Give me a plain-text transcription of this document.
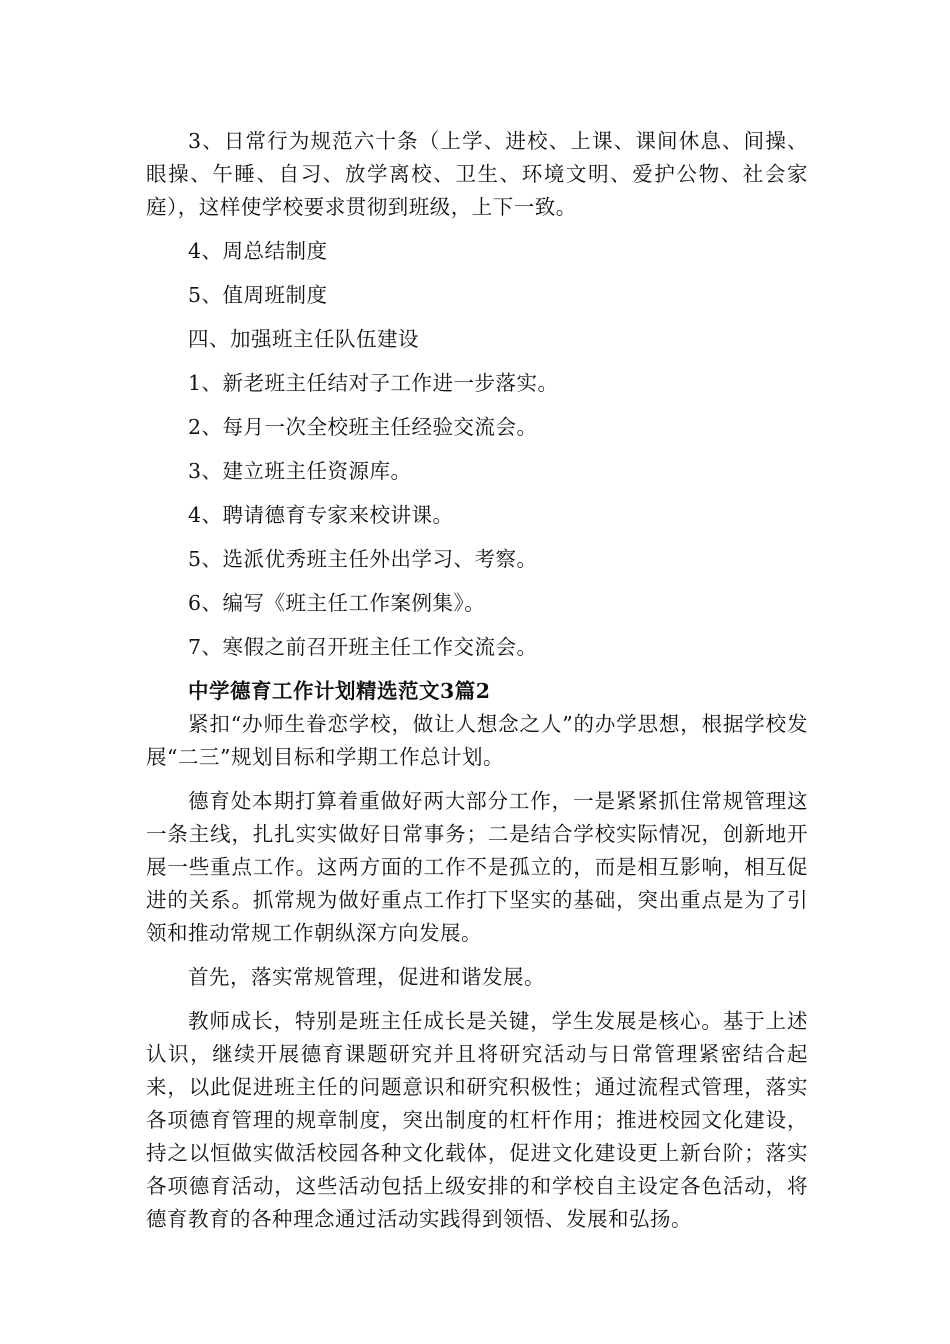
3、日常行为规范六十条（上学、进校、上课、课间休息、间操、眼操、午睡、自习、放学离校、卫生、环境文明、爱护公物、社会家庭），这样使学校要求贯彻到班级，上下一致。

4、周总结制度

5、值周班制度

四、加强班主任队伍建设

1、新老班主任结对子工作进一步落实。

2、每月一次全校班主任经验交流会。

3、建立班主任资源库。

4、聘请德育专家来校讲课。

5、选派优秀班主任外出学习、考察。

6、编写《班主任工作案例集》。

7、寒假之前召开班主任工作交流会。

中学德育工作计划精选范文3篇2

紧扣“办师生眷恋学校，做让人想念之人”的办学思想，根据学校发展“二三”规划目标和学期工作总计划。

德育处本期打算着重做好两大部分工作，一是紧紧抓住常规管理这一条主线，扎扎实实做好日常事务；二是结合学校实际情况，创新地开展一些重点工作。这两方面的工作不是孤立的，而是相互影响，相互促进的关系。抓常规为做好重点工作打下坚实的基础，突出重点是为了引领和推动常规工作朝纵深方向发展。

首先，落实常规管理，促进和谐发展。

教师成长，特别是班主任成长是关键，学生发展是核心。基于上述认识，继续开展德育课题研究并且将研究活动与日常管理紧密结合起来，以此促进班主任的问题意识和研究积极性；通过流程式管理，落实各项德育管理的规章制度，突出制度的杠杆作用；推进校园文化建设，持之以恒做实做活校园各种文化载体，促进文化建设更上新台阶；落实各项德育活动，这些活动包括上级安排的和学校自主设定各色活动，将德育教育的各种理念通过活动实践得到领悟、发展和弘扬。
